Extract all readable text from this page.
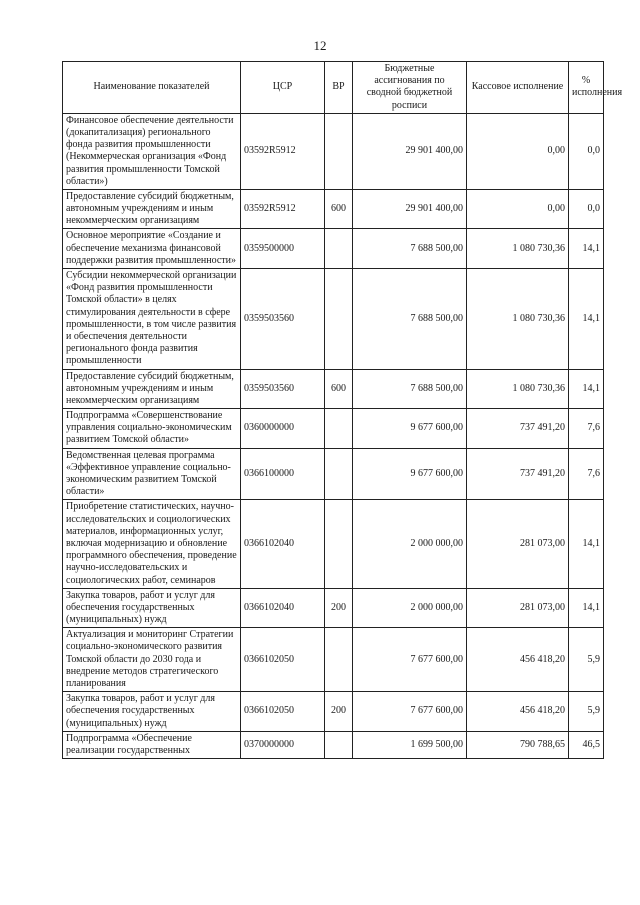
12
Наименование показателей	ЦСР	ВР	Бюджетные ассигнования по сводной бюджетной росписи	Кассовое исполнение	% исполнения
Финансовое обеспечение деятельности (докапитализация) регионального фонда развития промышленности (Некоммерческая организация «Фонд развития промышленности Томской области»)	03592R5912		29 901 400,00	0,00	0,0
Предоставление субсидий бюджетным, автономным учреждениям и иным некоммерческим организациям	03592R5912	600	29 901 400,00	0,00	0,0
Основное мероприятие «Создание и обеспечение механизма финансовой поддержки развития промышленности»	0359500000		7 688 500,00	1 080 730,36	14,1
Субсидии некоммерческой организации «Фонд развития промышленности Томской области» в целях стимулирования деятельности в сфере промышленности, в том числе развития и обеспечения деятельности регионального фонда развития промышленности	0359503560		7 688 500,00	1 080 730,36	14,1
Предоставление субсидий бюджетным, автономным учреждениям и иным некоммерческим организациям	0359503560	600	7 688 500,00	1 080 730,36	14,1
Подпрограмма «Совершенствование управления социально-экономическим развитием Томской области»	0360000000		9 677 600,00	737 491,20	7,6
Ведомственная целевая программа «Эффективное управление социально-экономическим развитием Томской области»	0366100000		9 677 600,00	737 491,20	7,6
Приобретение статистических, научно-исследовательских и социологических материалов, информационных услуг, включая модернизацию и обновление программного обеспечения, проведение научно-исследовательских и социологических работ, семинаров	0366102040		2 000 000,00	281 073,00	14,1
Закупка товаров, работ и услуг для обеспечения государственных (муниципальных) нужд	0366102040	200	2 000 000,00	281 073,00	14,1
Актуализация и мониторинг Стратегии социально-экономического развития Томской области до 2030 года и внедрение методов стратегического планирования	0366102050		7 677 600,00	456 418,20	5,9
Закупка товаров, работ и услуг для обеспечения государственных (муниципальных) нужд	0366102050	200	7 677 600,00	456 418,20	5,9
Подпрограмма «Обеспечение реализации государственных	0370000000		1 699 500,00	790 788,65	46,5
